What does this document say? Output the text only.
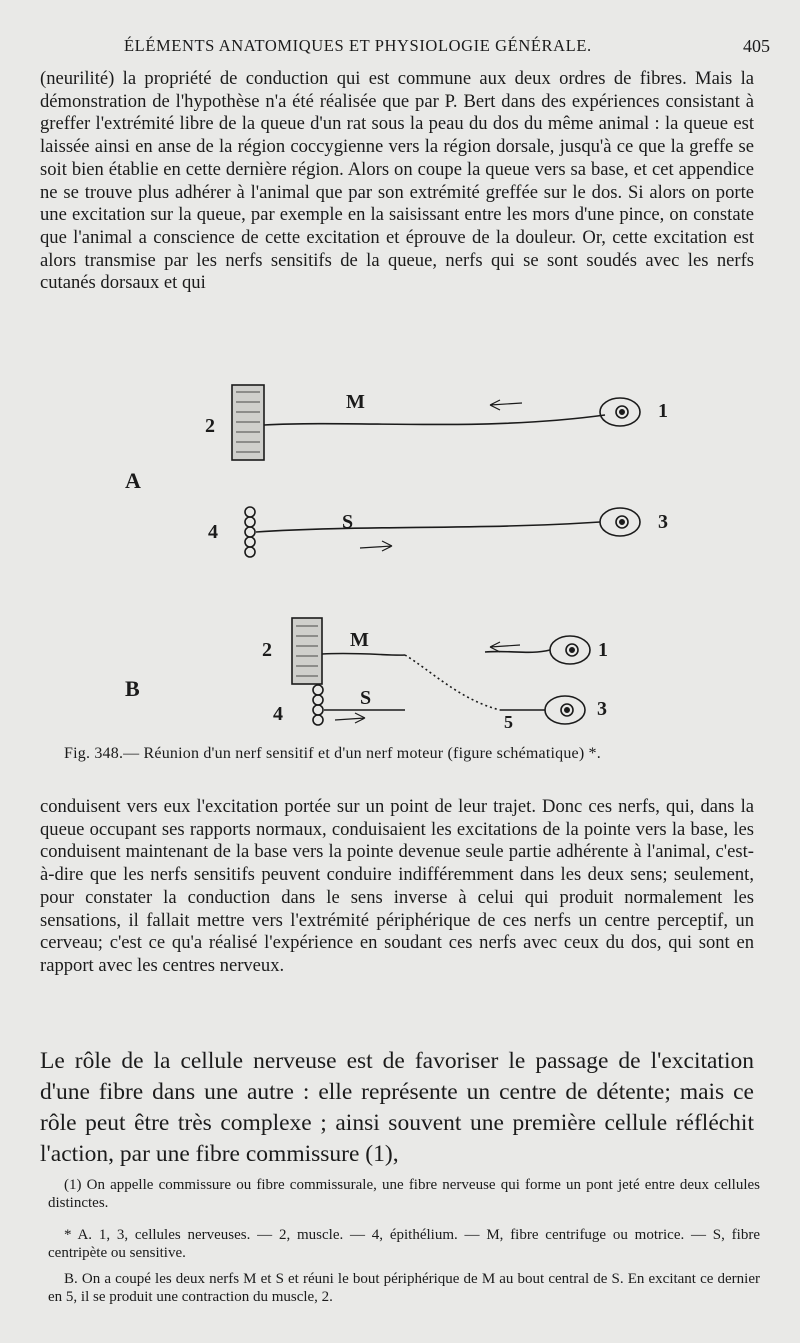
ÉLÉMENTS ANATOMIQUES ET PHYSIOLOGIE GÉNÉRALE.	405

(neurilité) la propriété de conduction qui est commune aux deux ordres de fibres. Mais la démonstration de l'hypothèse n'a été réalisée que par P. Bert dans des expériences consistant à greffer l'extrémité libre de la queue d'un rat sous la peau du dos du même animal : la queue est laissée ainsi en anse de la région coccygienne vers la région dorsale, jusqu'à ce que la greffe se soit bien établie en cette dernière région. Alors on coupe la queue vers sa base, et cet appendice ne se trouve plus adhérer à l'animal que par son extrémité greffée sur le dos. Si alors on porte une excitation sur la queue, par exemple en la saisissant entre les mors d'une pince, on constate que l'animal a conscience de cette excitation et éprouve de la douleur. Or, cette excitation est alors transmise par les nerfs sensitifs de la queue, nerfs qui se sont soudés avec les nerfs cutanés dorsaux et qui

2
M	1
A
4	S	3
2	M	1
B	S
4	5
3
Fig. 348.— Réunion d'un nerf sensitif et d'un nerf moteur (figure schématique) *.

conduisent vers eux l'excitation portée sur un point de leur trajet. Donc ces nerfs, qui, dans la queue occupant ses rapports normaux, conduisaient les excitations de la pointe vers la base, les conduisent maintenant de la base vers la pointe devenue seule partie adhérente à l'animal, c'est-à-dire que les nerfs sensitifs peuvent conduire indifféremment dans les deux sens; seulement, pour constater la conduction dans le sens inverse à celui qui produit normalement les sensations, il fallait mettre vers l'extrémité périphérique de ces nerfs un centre perceptif, un cerveau; c'est ce qu'a réalisé l'expérience en soudant ces nerfs avec ceux du dos, qui sont en rapport avec les centres nerveux.

Le rôle de la cellule nerveuse est de favoriser le passage de l'excitation d'une fibre dans une autre : elle représente un centre de détente; mais ce rôle peut être très complexe ; ainsi souvent une première cellule réfléchit l'action, par une fibre commissure (1),

(1) On appelle commissure ou fibre commissurale, une fibre nerveuse qui forme un pont jeté entre deux cellules distinctes.
* A. 1, 3, cellules nerveuses. — 2, muscle. — 4, épithélium. — M, fibre centrifuge ou motrice. — S, fibre centripète ou sensitive.
B. On a coupé les deux nerfs M et S et réuni le bout périphérique de M au bout central de S. En excitant ce dernier en 5, il se produit une contraction du muscle, 2.
